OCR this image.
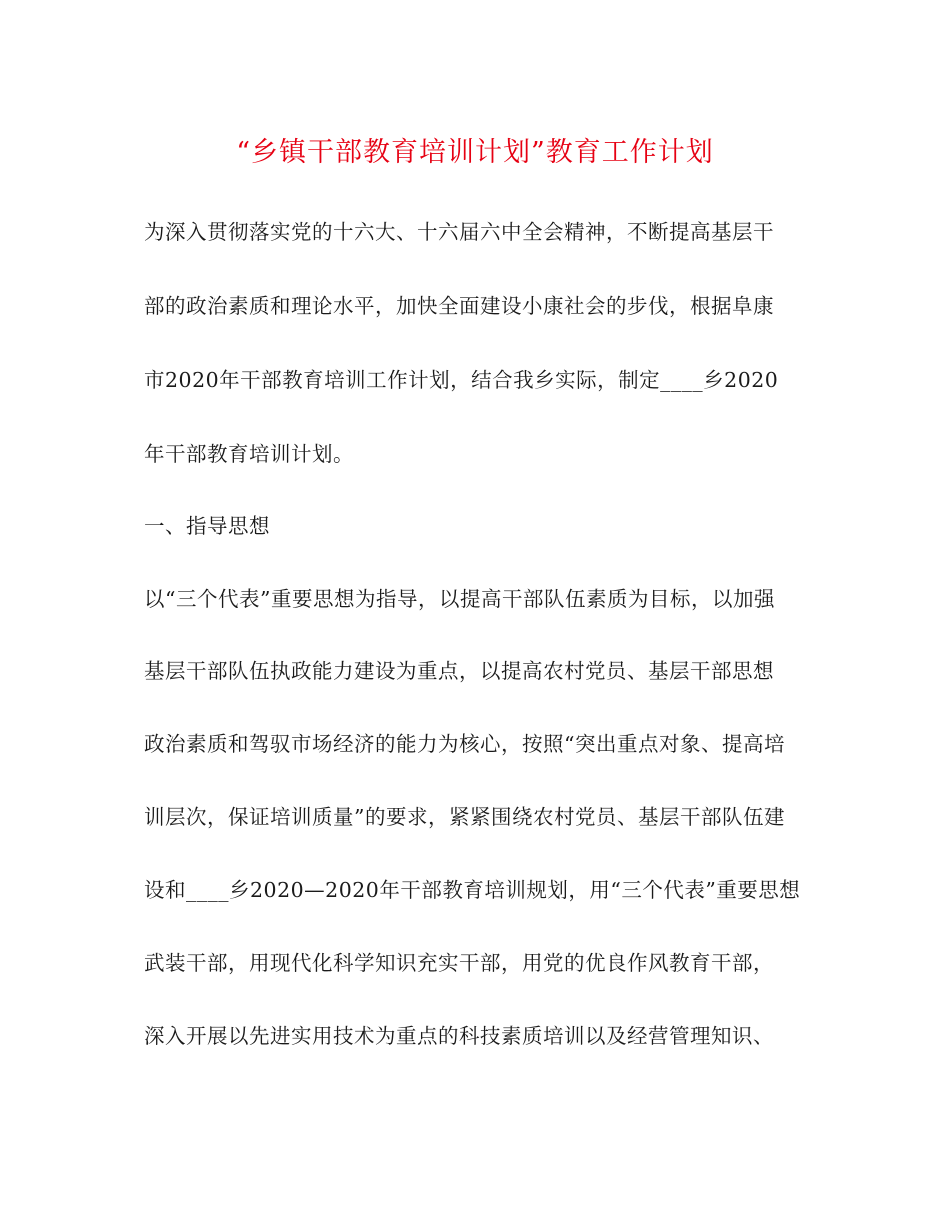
“乡镇干部教育培训计划”教育工作计划
为深入贯彻落实党的十六大、十六届六中全会精神，不断提高基层干
部的政治素质和理论水平，加快全面建设小康社会的步伐，根据阜康
市2020年干部教育培训工作计划，结合我乡实际，制定____乡2020
年干部教育培训计划。
一、指导思想
以“三个代表”重要思想为指导，以提高干部队伍素质为目标，以加强
基层干部队伍执政能力建设为重点，以提高农村党员、基层干部思想
政治素质和驾驭市场经济的能力为核心，按照“突出重点对象、提高培
训层次，保证培训质量”的要求，紧紧围绕农村党员、基层干部队伍建
设和____乡2020—2020年干部教育培训规划，用“三个代表”重要思想
武装干部，用现代化科学知识充实干部，用党的优良作风教育干部，
深入开展以先进实用技术为重点的科技素质培训以及经营管理知识、
